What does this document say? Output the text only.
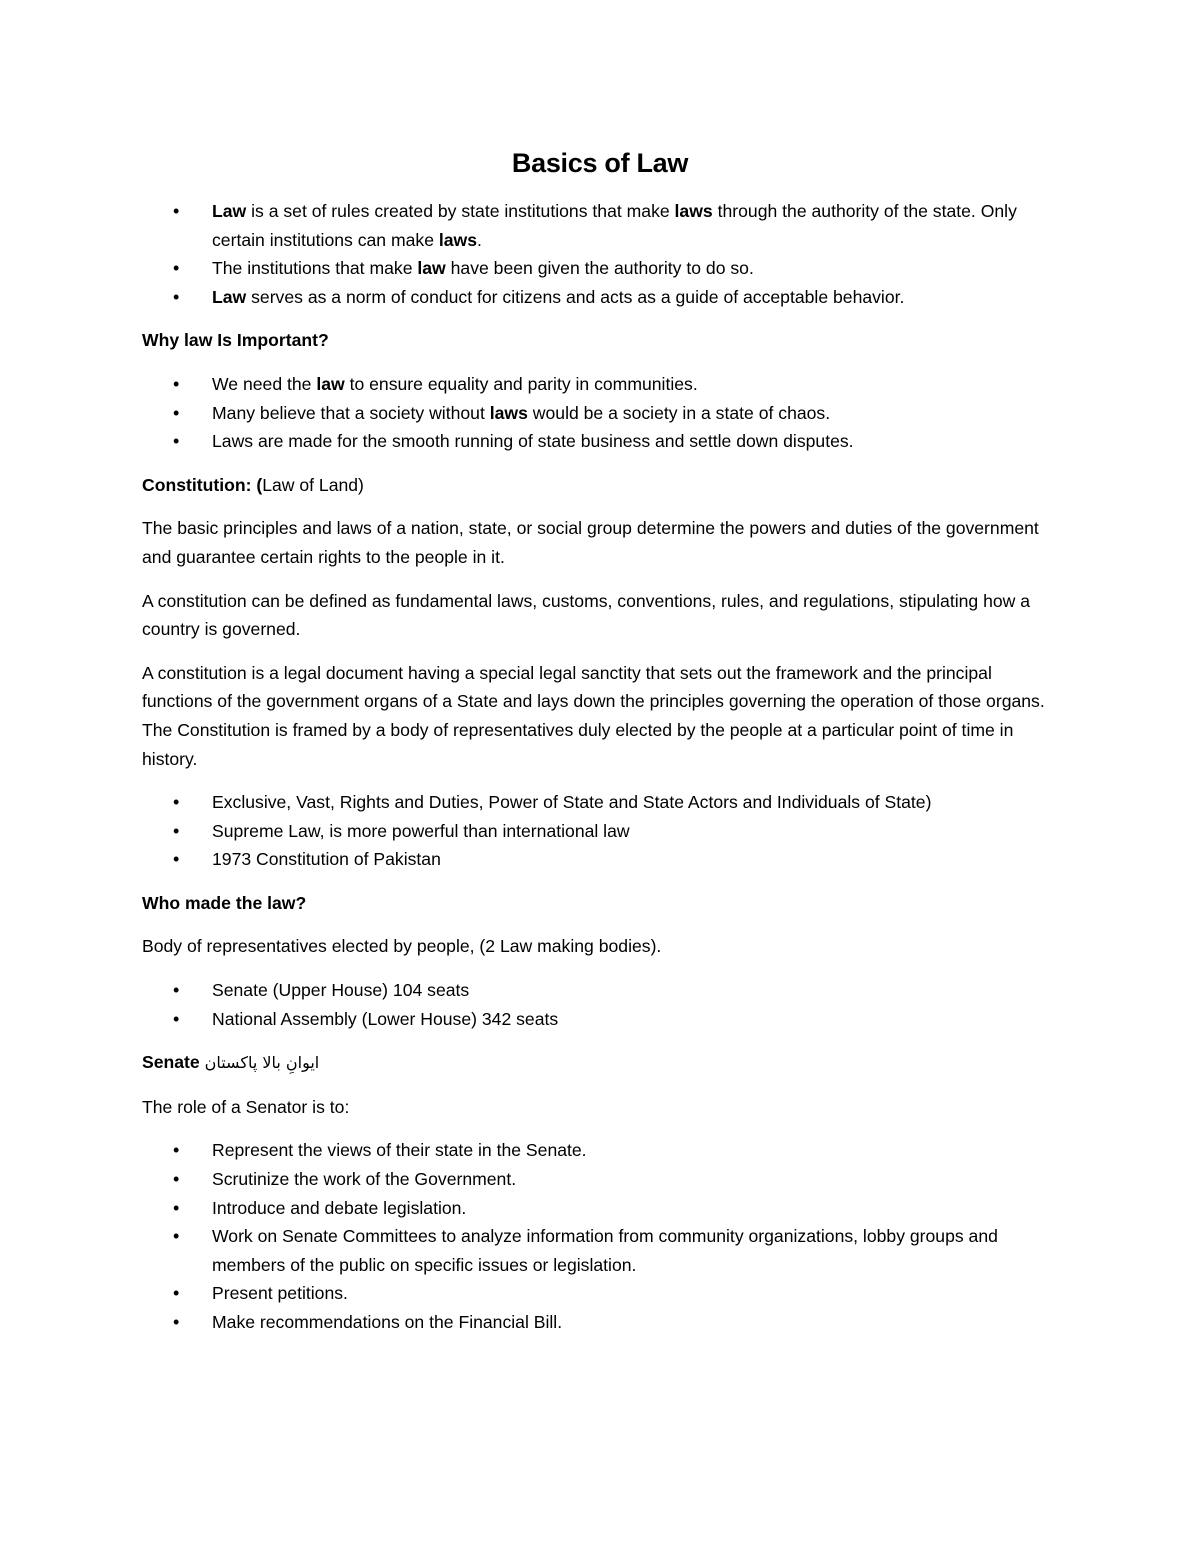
Basics of Law
• Law is a set of rules created by state institutions that make laws through the authority of the state. Only certain institutions can make laws.
• The institutions that make law have been given the authority to do so.
• Law serves as a norm of conduct for citizens and acts as a guide of acceptable behavior.
Why law Is Important?
• We need the law to ensure equality and parity in communities.
• Many believe that a society without laws would be a society in a state of chaos.
• Laws are made for the smooth running of state business and settle down disputes.

Constitution: (Law of Land)

The basic principles and laws of a nation, state, or social group determine the powers and duties of the government and guarantee certain rights to the people in it.

A constitution can be defined as fundamental laws, customs, conventions, rules, and regulations, stipulating how a country is governed.

A constitution is a legal document having a special legal sanctity that sets out the framework and the principal functions of the government organs of a State and lays down the principles governing the operation of those organs. The Constitution is framed by a body of representatives duly elected by the people at a particular point of time in history.

• Exclusive, Vast, Rights and Duties, Power of State and State Actors and Individuals of State)
• Supreme Law, is more powerful than international law
• 1973 Constitution of Pakistan
Who made the law?

Body of representatives elected by people, (2 Law making bodies).

• Senate (Upper House) 104 seats
• National Assembly (Lower House) 342 seats
Senate ایوانِ بالا پاکستان

The role of a Senator is to:

• Represent the views of their state in the Senate.
• Scrutinize the work of the Government.
• Introduce and debate legislation.
• Work on Senate Committees to analyze information from community organizations, lobby groups and members of the public on specific issues or legislation.
• Present petitions.
• Make recommendations on the Financial Bill.
